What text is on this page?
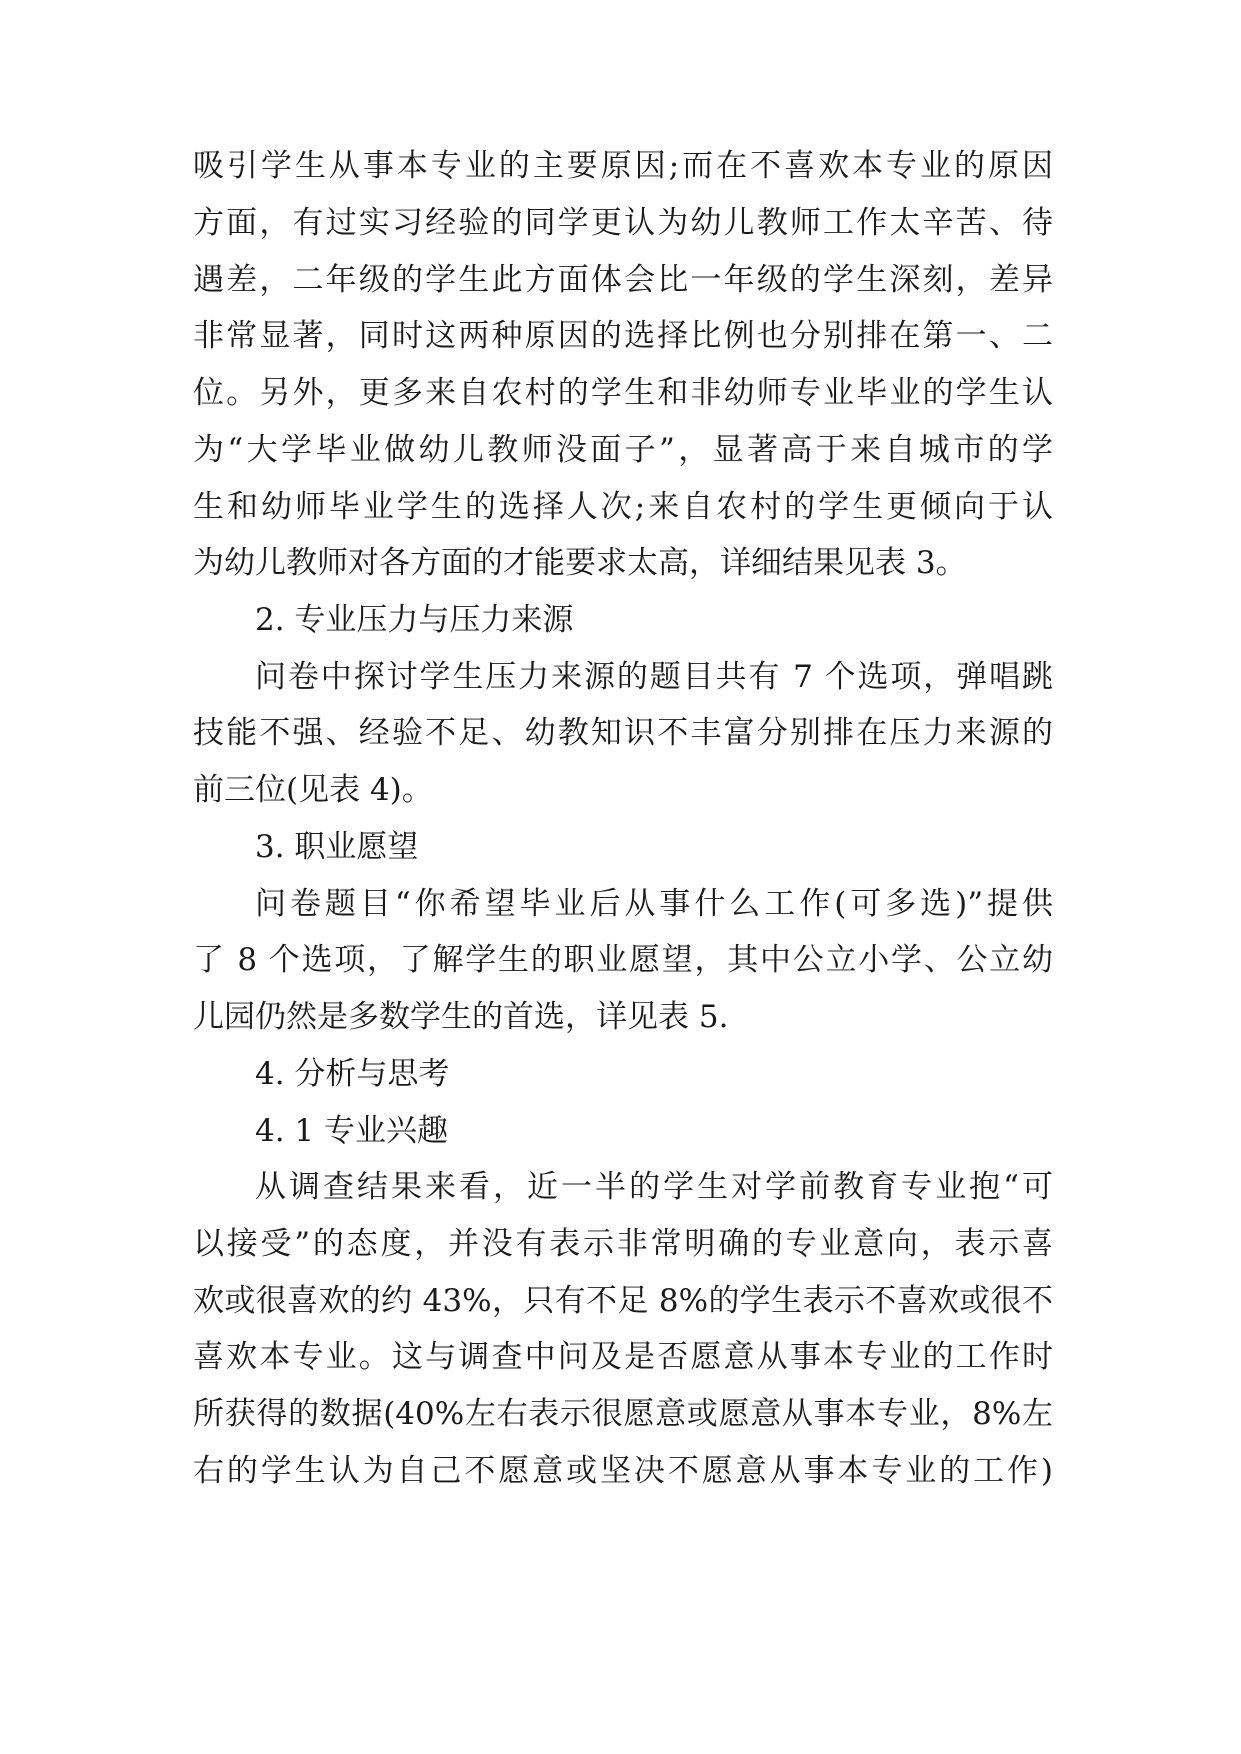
吸引学生从事本专业的主要原因;而在不喜欢本专业的原因
方面，有过实习经验的同学更认为幼儿教师工作太辛苦、待
遇差，二年级的学生此方面体会比一年级的学生深刻，差异
非常显著，同时这两种原因的选择比例也分别排在第一、二
位。另外，更多来自农村的学生和非幼师专业毕业的学生认
为“大学毕业做幼儿教师没面子”，显著高于来自城市的学
生和幼师毕业学生的选择人次;来自农村的学生更倾向于认
为幼儿教师对各方面的才能要求太高，详细结果见表 3。
2. 专业压力与压力来源
问卷中探讨学生压力来源的题目共有 7 个选项，弹唱跳
技能不强、经验不足、幼教知识不丰富分别排在压力来源的
前三位(见表 4)。
3. 职业愿望
问卷题目“你希望毕业后从事什么工作(可多选)”提供
了 8 个选项，了解学生的职业愿望，其中公立小学、公立幼
儿园仍然是多数学生的首选，详见表 5.
4. 分析与思考
4. 1 专业兴趣
从调查结果来看，近一半的学生对学前教育专业抱“可
以接受”的态度，并没有表示非常明确的专业意向，表示喜
欢或很喜欢的约 43%，只有不足 8%的学生表示不喜欢或很不
喜欢本专业。这与调查中问及是否愿意从事本专业的工作时
所获得的数据(40%左右表示很愿意或愿意从事本专业，8%左
右的学生认为自己不愿意或坚决不愿意从事本专业的工作)
